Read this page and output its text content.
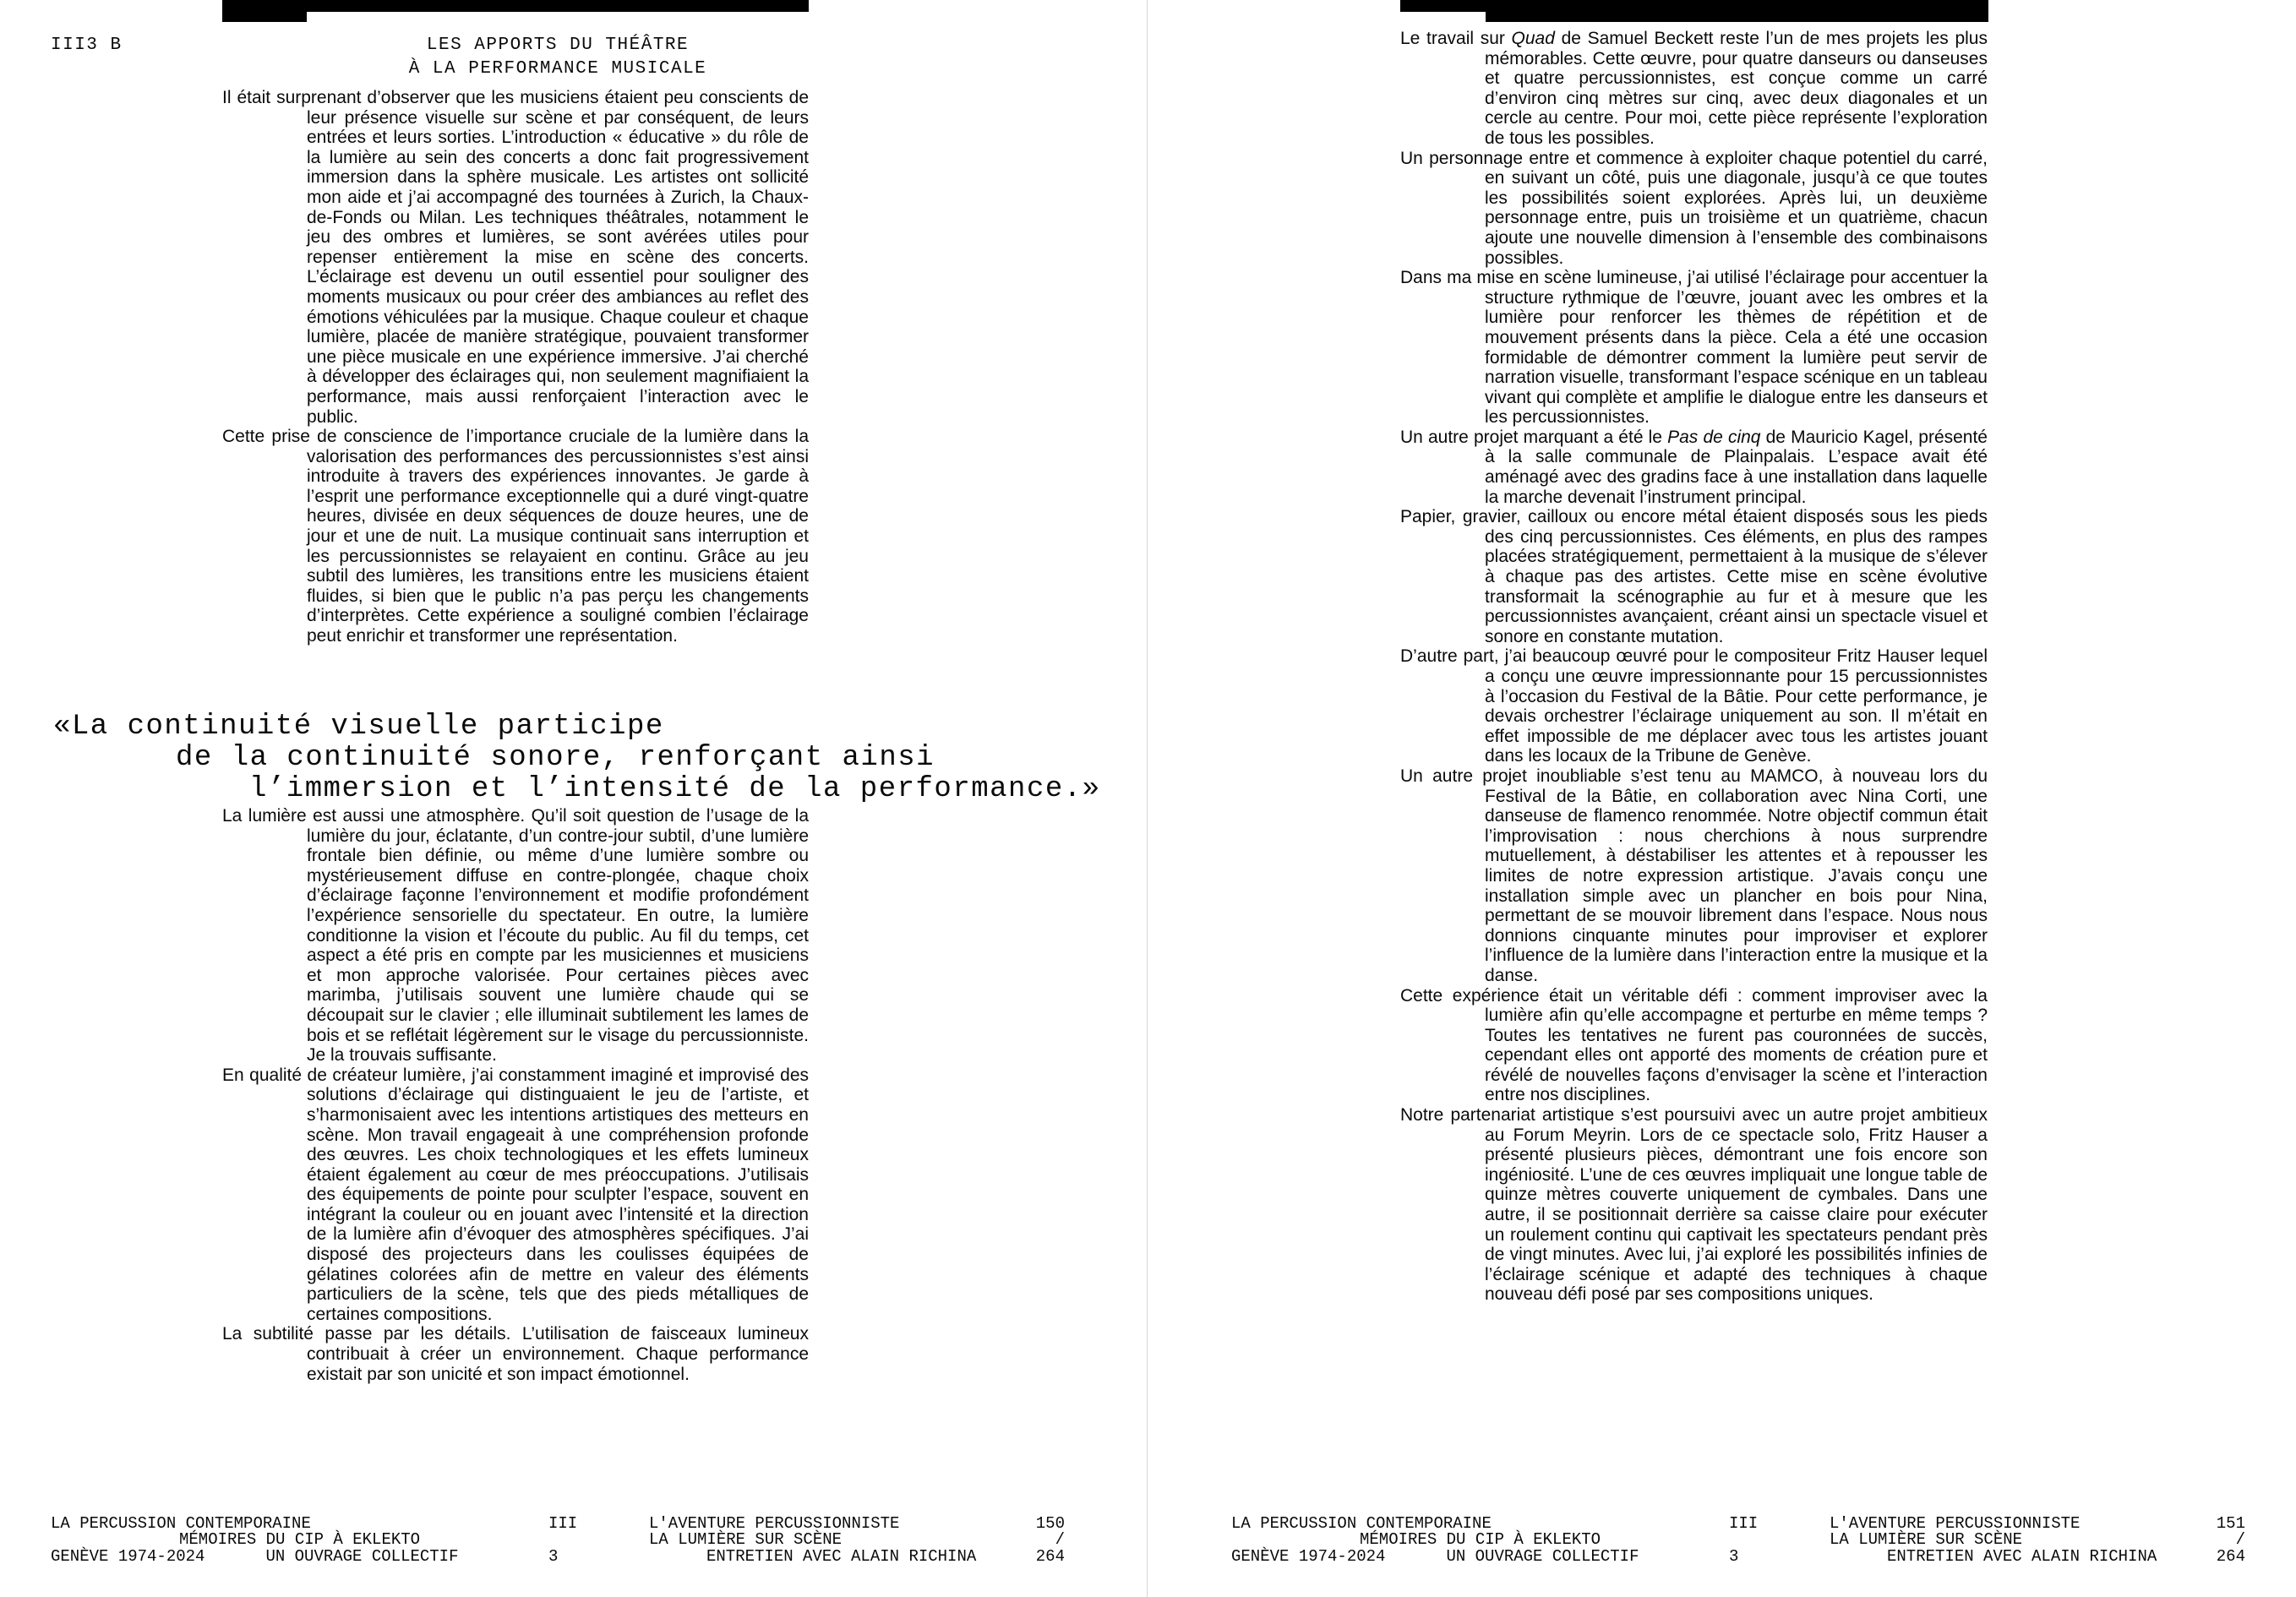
III3 B	LES APPORTS DU THÉÂTRE
À LA PERFORMANCE MUSICALE

Il était surprenant d’observer que les musiciens étaient peu conscients de leur présence visuelle sur scène et par conséquent, de leurs entrées et leurs sorties. L’introduction « éducative » du rôle de la lumière au sein des concerts a donc fait progressivement immersion dans la sphère musicale. Les artistes ont sollicité mon aide et j’ai accompagné des tournées à Zurich, la Chaux-de-Fonds ou Milan. Les techniques théâtrales, notamment le jeu des ombres et lumières, se sont avérées utiles pour repenser entièrement la mise en scène des concerts. L’éclairage est devenu un outil essentiel pour souligner des moments musicaux ou pour créer des ambiances au reflet des émotions véhiculées par la musique. Chaque couleur et chaque lumière, placée de manière stratégique, pouvaient transformer une pièce musicale en une expérience immersive. J’ai cherché à développer des éclairages qui, non seulement magnifiaient la performance, mais aussi renforçaient l’interaction avec le public.

Cette prise de conscience de l’importance cruciale de la lumière dans la valorisation des performances des percussionnistes s’est ainsi introduite à travers des expériences innovantes. Je garde à l’esprit une performance exceptionnelle qui a duré vingt-quatre heures, divisée en deux séquences de douze heures, une de jour et une de nuit. La musique continuait sans interruption et les percussionnistes se relayaient en continu. Grâce au jeu subtil des lumières, les transitions entre les musiciens étaient fluides, si bien que le public n’a pas perçu les changements d’interprètes. Cette expérience a souligné combien l’éclairage peut enrichir et transformer une représentation.

«La continuité visuelle participe
de la continuité sonore, renforçant ainsi
l’immersion et l’intensité de la performance.»

La lumière est aussi une atmosphère. Qu’il soit question de l’usage de la lumière du jour, éclatante, d’un contre-jour subtil, d’une lumière frontale bien définie, ou même d’une lumière sombre ou mystérieusement diffuse en contre-plongée, chaque choix d’éclairage façonne l’environnement et modifie profondément l’expérience sensorielle du spectateur. En outre, la lumière conditionne la vision et l’écoute du public. Au fil du temps, cet aspect a été pris en compte par les musiciennes et musiciens et mon approche valorisée. Pour certaines pièces avec marimba, j’utilisais souvent une lumière chaude qui se découpait sur le clavier ; elle illuminait subtilement les lames de bois et se reflétait légèrement sur le visage du percussionniste. Je la trouvais suffisante.

En qualité de créateur lumière, j’ai constamment imaginé et improvisé des solutions d’éclairage qui distinguaient le jeu de l’artiste, et s’harmonisaient avec les intentions artistiques des metteurs en scène. Mon travail engageait à une compréhension profonde des œuvres. Les choix technologiques et les effets lumineux étaient également au cœur de mes préoccupations. J’utilisais des équipements de pointe pour sculpter l’espace, souvent en intégrant la couleur ou en jouant avec l’intensité et la direction de la lumière afin d’évoquer des atmosphères spécifiques. J’ai disposé des projecteurs dans les coulisses équipées de gélatines colorées afin de mettre en valeur des éléments particuliers de la scène, tels que des pieds métalliques de certaines compositions.

La subtilité passe par les détails. L’utilisation de faisceaux lumineux contribuait à créer un environnement. Chaque performance existait par son unicité et son impact émotionnel.

Le travail sur Quad de Samuel Beckett reste l’un de mes projets les plus mémorables. Cette œuvre, pour quatre danseurs ou danseuses et quatre percussionnistes, est conçue comme un carré d’environ cinq mètres sur cinq, avec deux diagonales et un cercle au centre. Pour moi, cette pièce représente l’exploration de tous les possibles.

Un personnage entre et commence à exploiter chaque potentiel du carré, en suivant un côté, puis une diagonale, jusqu’à ce que toutes les possibilités soient explorées. Après lui, un deuxième personnage entre, puis un troisième et un quatrième, chacun ajoute une nouvelle dimension à l’ensemble des combinaisons possibles.

Dans ma mise en scène lumineuse, j’ai utilisé l’éclairage pour accentuer la structure rythmique de l’œuvre, jouant avec les ombres et la lumière pour renforcer les thèmes de répétition et de mouvement présents dans la pièce. Cela a été une occasion formidable de démontrer comment la lumière peut servir de narration visuelle, transformant l’espace scénique en un tableau vivant qui complète et amplifie le dialogue entre les danseurs et les percussionnistes.

Un autre projet marquant a été le Pas de cinq de Mauricio Kagel, présenté à la salle communale de Plainpalais. L’espace avait été aménagé avec des gradins face à une installation dans laquelle la marche devenait l’instrument principal.

Papier, gravier, cailloux ou encore métal étaient disposés sous les pieds des cinq percussionnistes. Ces éléments, en plus des rampes placées stratégiquement, permettaient à la musique de s’élever à chaque pas des artistes. Cette mise en scène évolutive transformait la scénographie au fur et à mesure que les percussionnistes avançaient, créant ainsi un spectacle visuel et sonore en constante mutation.

D’autre part, j’ai beaucoup œuvré pour le compositeur Fritz Hauser lequel a conçu une œuvre impressionnante pour 15 percussionnistes à l’occasion du Festival de la Bâtie. Pour cette performance, je devais orchestrer l’éclairage uniquement au son. Il m’était en effet impossible de me déplacer avec tous les artistes jouant dans les locaux de la Tribune de Genève.

Un autre projet inoubliable s’est tenu au MAMCO, à nouveau lors du Festival de la Bâtie, en collaboration avec Nina Corti, une danseuse de flamenco renommée. Notre objectif commun était l’improvisation : nous cherchions à nous surprendre mutuellement, à déstabiliser les attentes et à repousser les limites de notre expression artistique. J’avais conçu une installation simple avec un plancher en bois pour Nina, permettant de se mouvoir librement dans l’espace. Nous nous donnions cinquante minutes pour improviser et explorer l’influence de la lumière dans l’interaction entre la musique et la danse.

Cette expérience était un véritable défi : comment improviser avec la lumière afin qu’elle accompagne et perturbe en même temps ? Toutes les tentatives ne furent pas couronnées de succès, cependant elles ont apporté des moments de création pure et révélé de nouvelles façons d’envisager la scène et l’interaction entre nos disciplines.

Notre partenariat artistique s’est poursuivi avec un autre projet ambitieux au Forum Meyrin. Lors de ce spectacle solo, Fritz Hauser a présenté plusieurs pièces, démontrant une fois encore son ingéniosité. L’une de ces œuvres impliquait une longue table de quinze mètres couverte uniquement de cymbales. Dans une autre, il se positionnait derrière sa caisse claire pour exécuter un roulement continu qui captivait les spectateurs pendant près de vingt minutes. Avec lui, j’ai exploré les possibilités infinies de l’éclairage scénique et adapté des techniques à chaque nouveau défi posé par ses compositions uniques.

LA PERCUSSION CONTEMPORAINE
MÉMOIRES DU CIP À EKLEKTO
GENÈVE 1974-2024	UN OUVRAGE COLLECTIF
III
3
L'AVENTURE PERCUSSIONNISTE
LA LUMIÈRE SUR SCÈNE
ENTRETIEN AVEC ALAIN RICHINA
150
/
264
LA PERCUSSION CONTEMPORAINE
MÉMOIRES DU CIP À EKLEKTO
GENÈVE 1974-2024	UN OUVRAGE COLLECTIF
III
3
L'AVENTURE PERCUSSIONNISTE
LA LUMIÈRE SUR SCÈNE
ENTRETIEN AVEC ALAIN RICHINA
151
/
264
